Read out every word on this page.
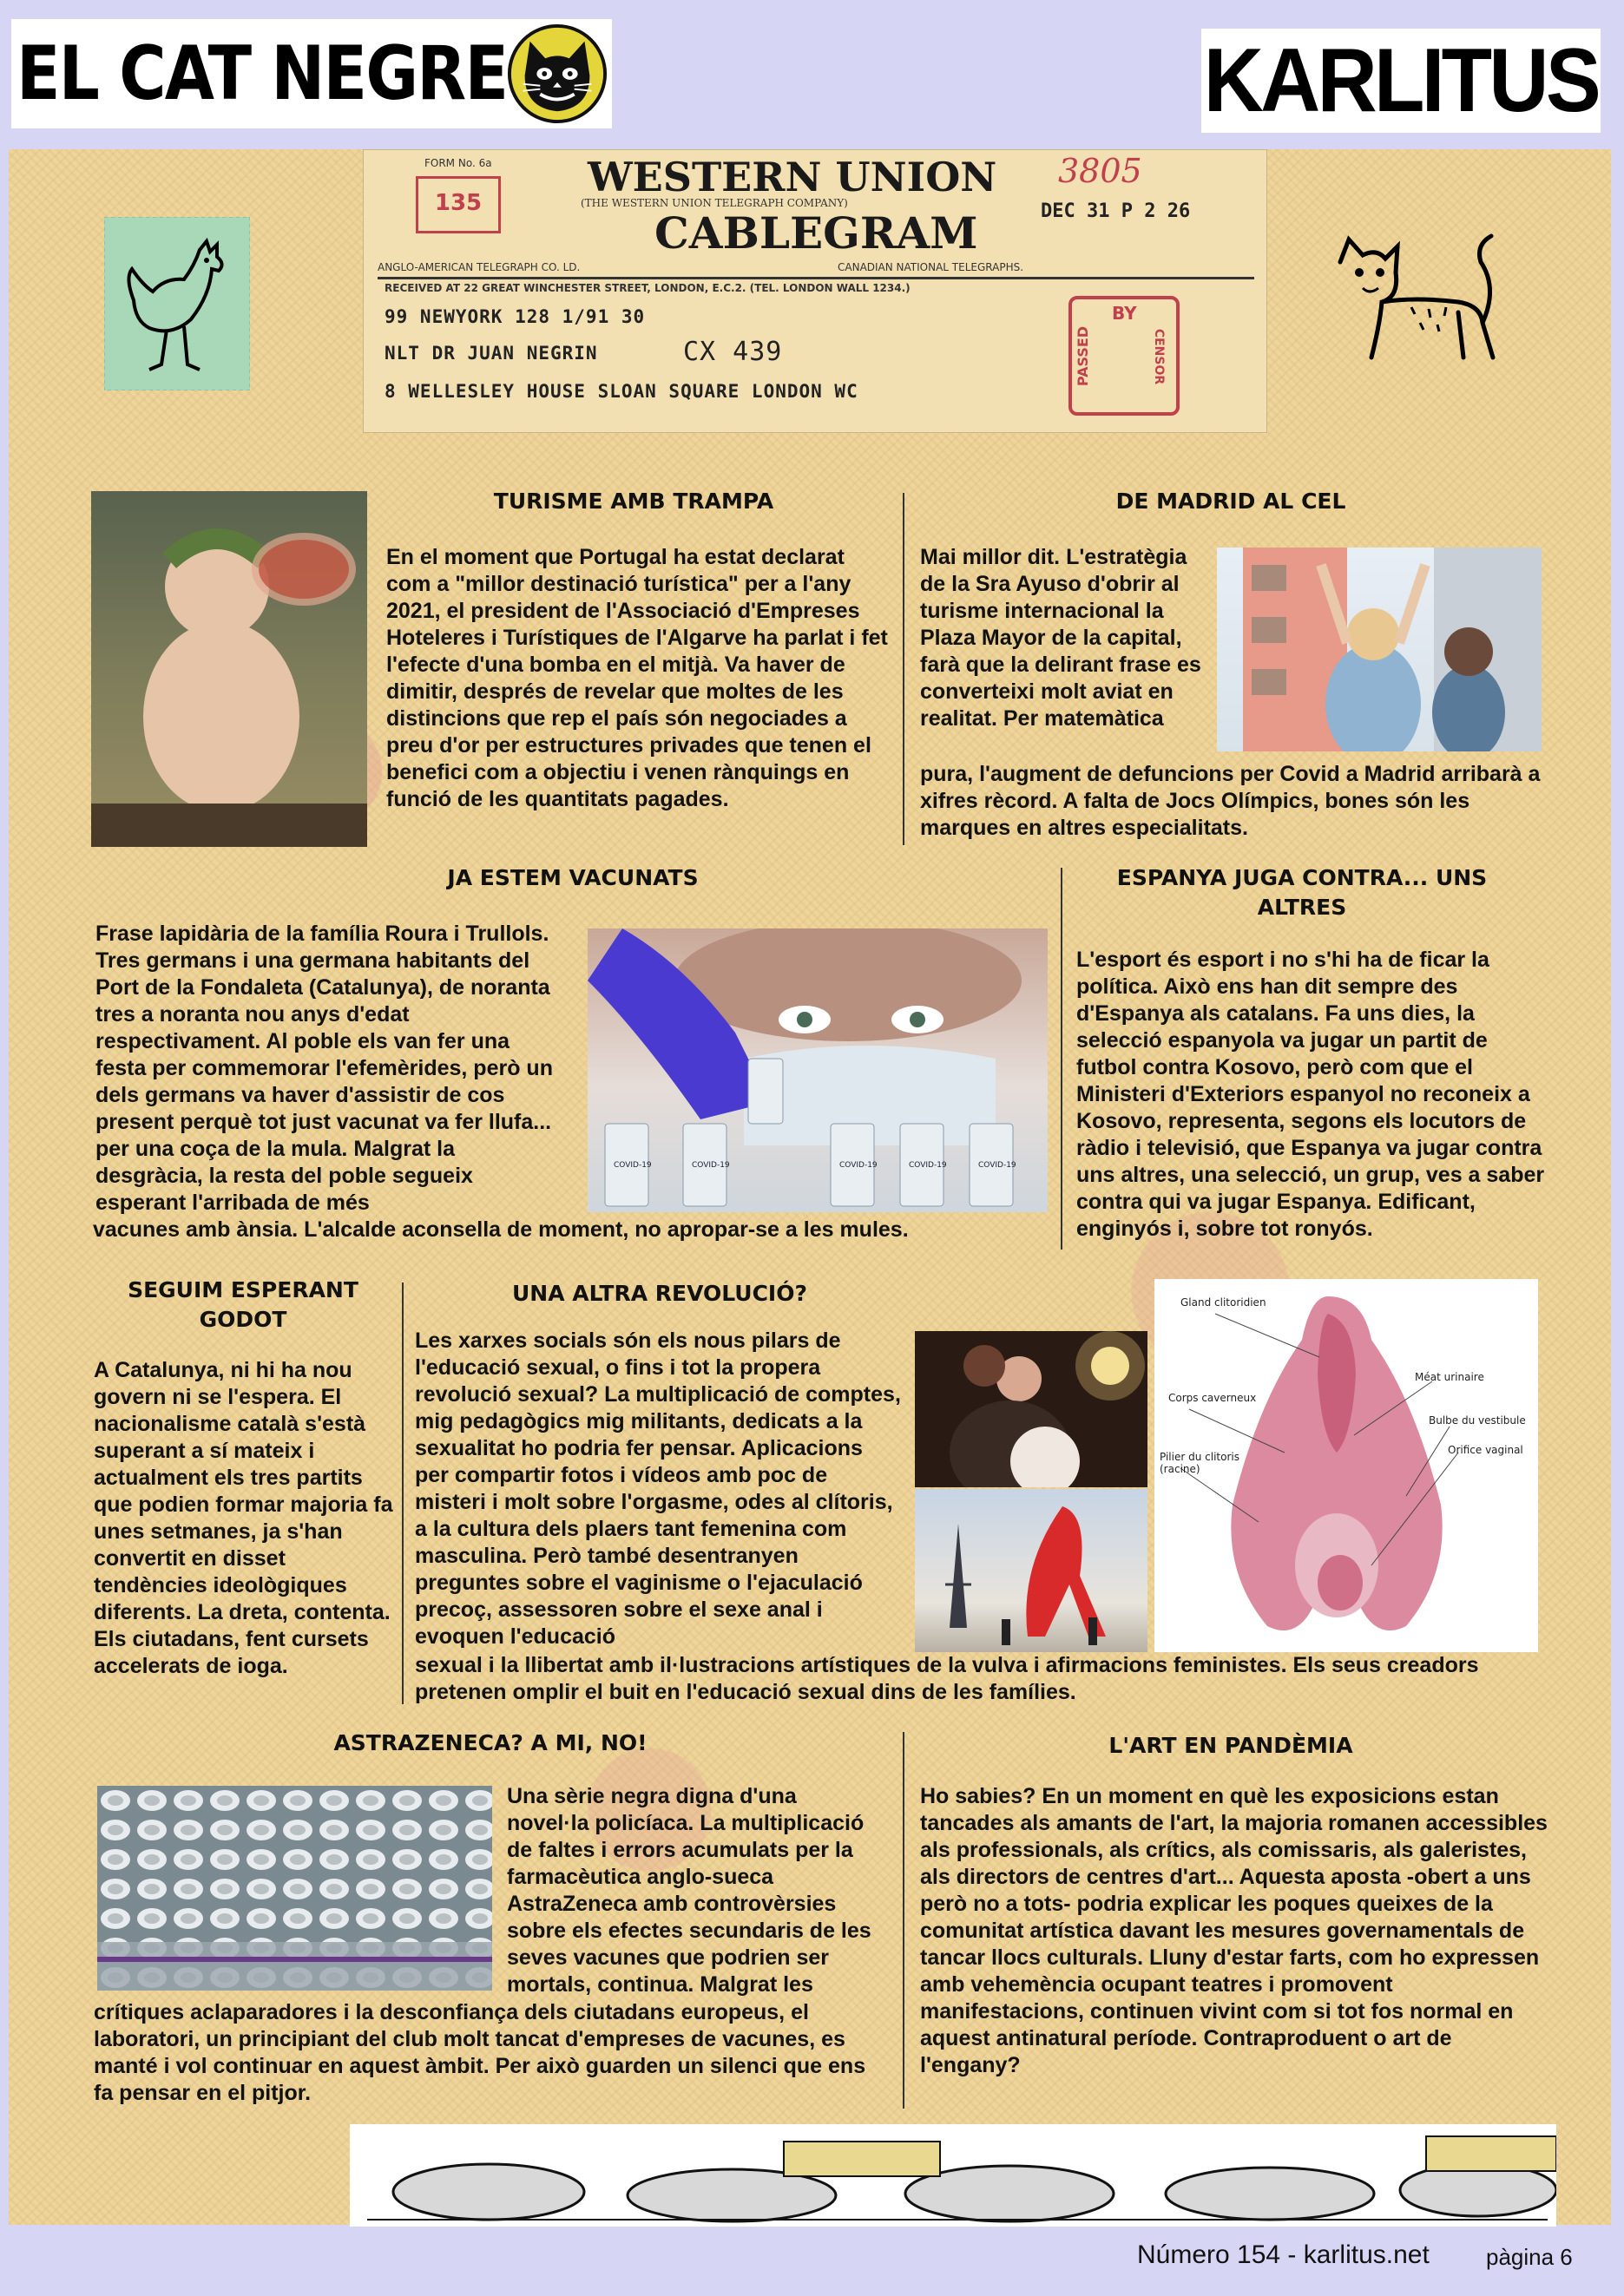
EL CAT NEGRE	KARLITUS
FORM No. 6a
135
WESTERN UNION
(THE WESTERN UNION TELEGRAPH COMPANY)
CABLEGRAM
3805
DEC 31 P 2 26
ANGLO-AMERICAN TELEGRAPH CO. LD.	CANADIAN NATIONAL TELEGRAPHS.
RECEIVED AT 22 GREAT WINCHESTER STREET, LONDON, E.C.2. (TEL. LONDON WALL 1234.)
99 NEWYORK 128 1/91 30
NLT DR JUAN NEGRIN	CX 439
8 WELLESLEY HOUSE SLOAN SQUARE LONDON WC
BY
PASSED	CENSOR
TURISME AMB TRAMPA

En el moment que Portugal ha estat declarat com a "millor destinació turística" per a l'any 2021, el president de l'Associació d'Empreses Hoteleres i Turístiques de l'Algarve ha parlat i fet l'efecte d'una bomba en el mitjà. Va haver de dimitir, després de revelar que moltes de les distincions que rep el país són negociades a preu d'or per estructures privades que tenen el benefici com a objectiu i venen rànquings en funció de les quantitats pagades.

DE MADRID AL CEL

Mai millor dit. L'estratègia de la Sra Ayuso d'obrir al turisme internacional la Plaza Mayor de la capital, farà que la delirant frase es converteixi molt aviat en realitat. Per matemàtica

pura, l'augment de defuncions per Covid a Madrid arribarà a xifres rècord. A falta de Jocs Olímpics, bones són les marques en altres especialitats.

JA ESTEM VACUNATS

Frase lapidària de la família Roura i Trullols. Tres germans i una germana habitants del Port de la Fondaleta (Catalunya), de noranta tres a noranta nou anys d'edat respectivament. Al poble els van fer una festa per commemorar l'efemèrides, però un dels germans va haver d'assistir de cos present perquè tot just vacunat va fer llufa... per una coça de la mula. Malgrat la desgràcia, la resta del poble segueix esperant l'arribada de més

vacunes amb ànsia. L'alcalde aconsella de moment, no apropar-se a les mules.

COVID-19	COVID-19	COVID-19	COVID-19	COVID-19
ESPANYA JUGA CONTRA... UNS ALTRES

L'esport és esport i no s'hi ha de ficar la política. Això ens han dit sempre des d'Espanya als catalans. Fa uns dies, la selecció espanyola va jugar un partit de futbol contra Kosovo, però com que el Ministeri d'Exteriors espanyol no reconeix a Kosovo, representa, segons els locutors de ràdio i televisió, que Espanya va jugar contra uns altres, una selecció, un grup, ves a saber contra qui va jugar Espanya. Edificant, enginyós i, sobre tot ronyós.

SEGUIM ESPERANT GODOT

A Catalunya, ni hi ha nou govern ni se l'espera. El nacionalisme català s'està superant a sí mateix i actualment els tres partits que podien formar majoria fa unes setmanes, ja s'han convertit en disset tendències ideològiques diferents. La dreta, contenta. Els ciutadans, fent cursets accelerats de ioga.

UNA ALTRA REVOLUCIÓ?

Les xarxes socials són els nous pilars de l'educació sexual, o fins i tot la propera revolució sexual? La multiplicació de comptes, mig pedagògics mig militants, dedicats a la sexualitat ho podria fer pensar. Aplicacions per compartir fotos i vídeos amb poc de misteri i molt sobre l'orgasme, odes al clítoris, a la cultura dels plaers tant femenina com masculina. Però també desentranyen preguntes sobre el vaginisme o l'ejaculació precoç, assessoren sobre el sexe anal i evoquen l'educació

sexual i la llibertat amb il·lustracions artístiques de la vulva i afirmacions feministes. Els seus creadors pretenen omplir el buit en l'educació sexual dins de les famílies.

Gland clitoridien
Méat urinaire
Corps caverneux
Bulbe du vestibule
Pilier du clitoris (racine)
Orifice vaginal
ASTRAZENECA? A MI, NO!

Una sèrie negra digna d'una novel·la policíaca. La multiplicació de faltes i errors acumulats per la farmacèutica anglo-sueca AstraZeneca amb controvèrsies sobre els efectes secundaris de les seves vacunes que podrien ser mortals, continua. Malgrat les

crítiques aclaparadores i la desconfiança dels ciutadans europeus, el laboratori, un principiant del club molt tancat d'empreses de vacunes, es manté i vol continuar en aquest àmbit. Per això guarden un silenci que ens fa pensar en el pitjor.

L'ART EN PANDÈMIA

Ho sabies? En un moment en què les exposicions estan tancades als amants de l'art, la majoria romanen accessibles als professionals, als crítics, als comissaris, als galeristes, als directors de centres d'art... Aquesta aposta -obert a uns però no a tots- podria explicar les poques queixes de la comunitat artística davant les mesures governamentals de tancar llocs culturals. Lluny d'estar farts, com ho expressen amb vehemència ocupant teatres i promovent manifestacions, continuen vivint com si tot fos normal en aquest antinatural període. Contraproduent o art de l'engany?

Número 154 - karlitus.net	pàgina 6
